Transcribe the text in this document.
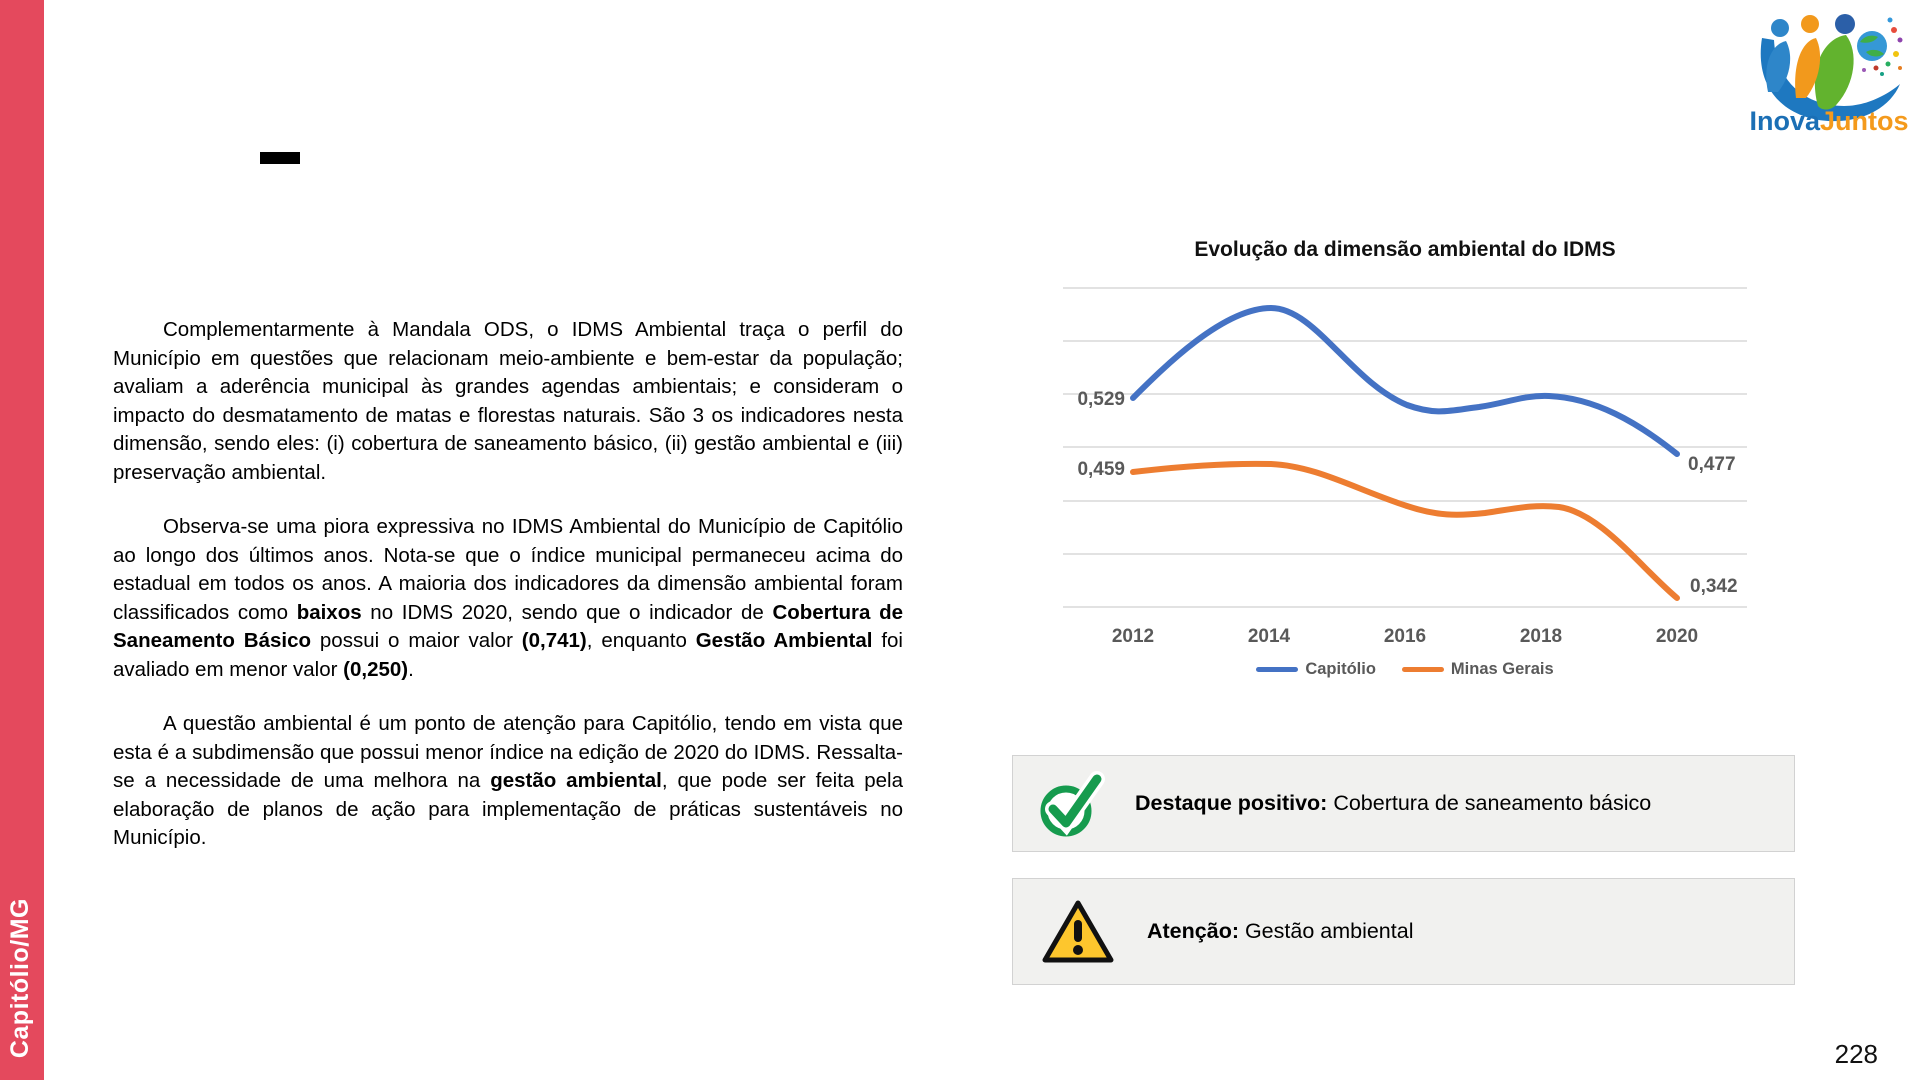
Capitólio/MG
InovaJuntos

Complementarmente à Mandala ODS, o IDMS Ambiental traça o perfil do Município em questões que relacionam meio-ambiente e bem-estar da população; avaliam a aderência municipal às grandes agendas ambientais; e consideram o impacto do desmatamento de matas e florestas naturais. São 3 os indicadores nesta dimensão, sendo eles: (i) cobertura de saneamento básico, (ii) gestão ambiental e (iii) preservação ambiental.

Observa-se uma piora expressiva no IDMS Ambiental do Município de Capitólio ao longo dos últimos anos. Nota-se que o índice municipal permaneceu acima do estadual em todos os anos. A maioria dos indicadores da dimensão ambiental foram classificados como baixos no IDMS 2020, sendo que o indicador de Cobertura de Saneamento Básico possui o maior valor (0,741), enquanto Gestão Ambiental foi avaliado em menor valor (0,250).

A questão ambiental é um ponto de atenção para Capitólio, tendo em vista que esta é a subdimensão que possui menor índice na edição de 2020 do IDMS. Ressalta-se a necessidade de uma melhora na gestão ambiental, que pode ser feita pela elaboração de planos de ação para implementação de práticas sustentáveis no Município.

Evolução da dimensão ambiental do IDMS
0,529
0,459	0,477
0,342
2012	2014	2016	2018	2020
Capitólio	Minas Gerais
Destaque positivo: Cobertura de saneamento básico
Atenção: Gestão ambiental
228
